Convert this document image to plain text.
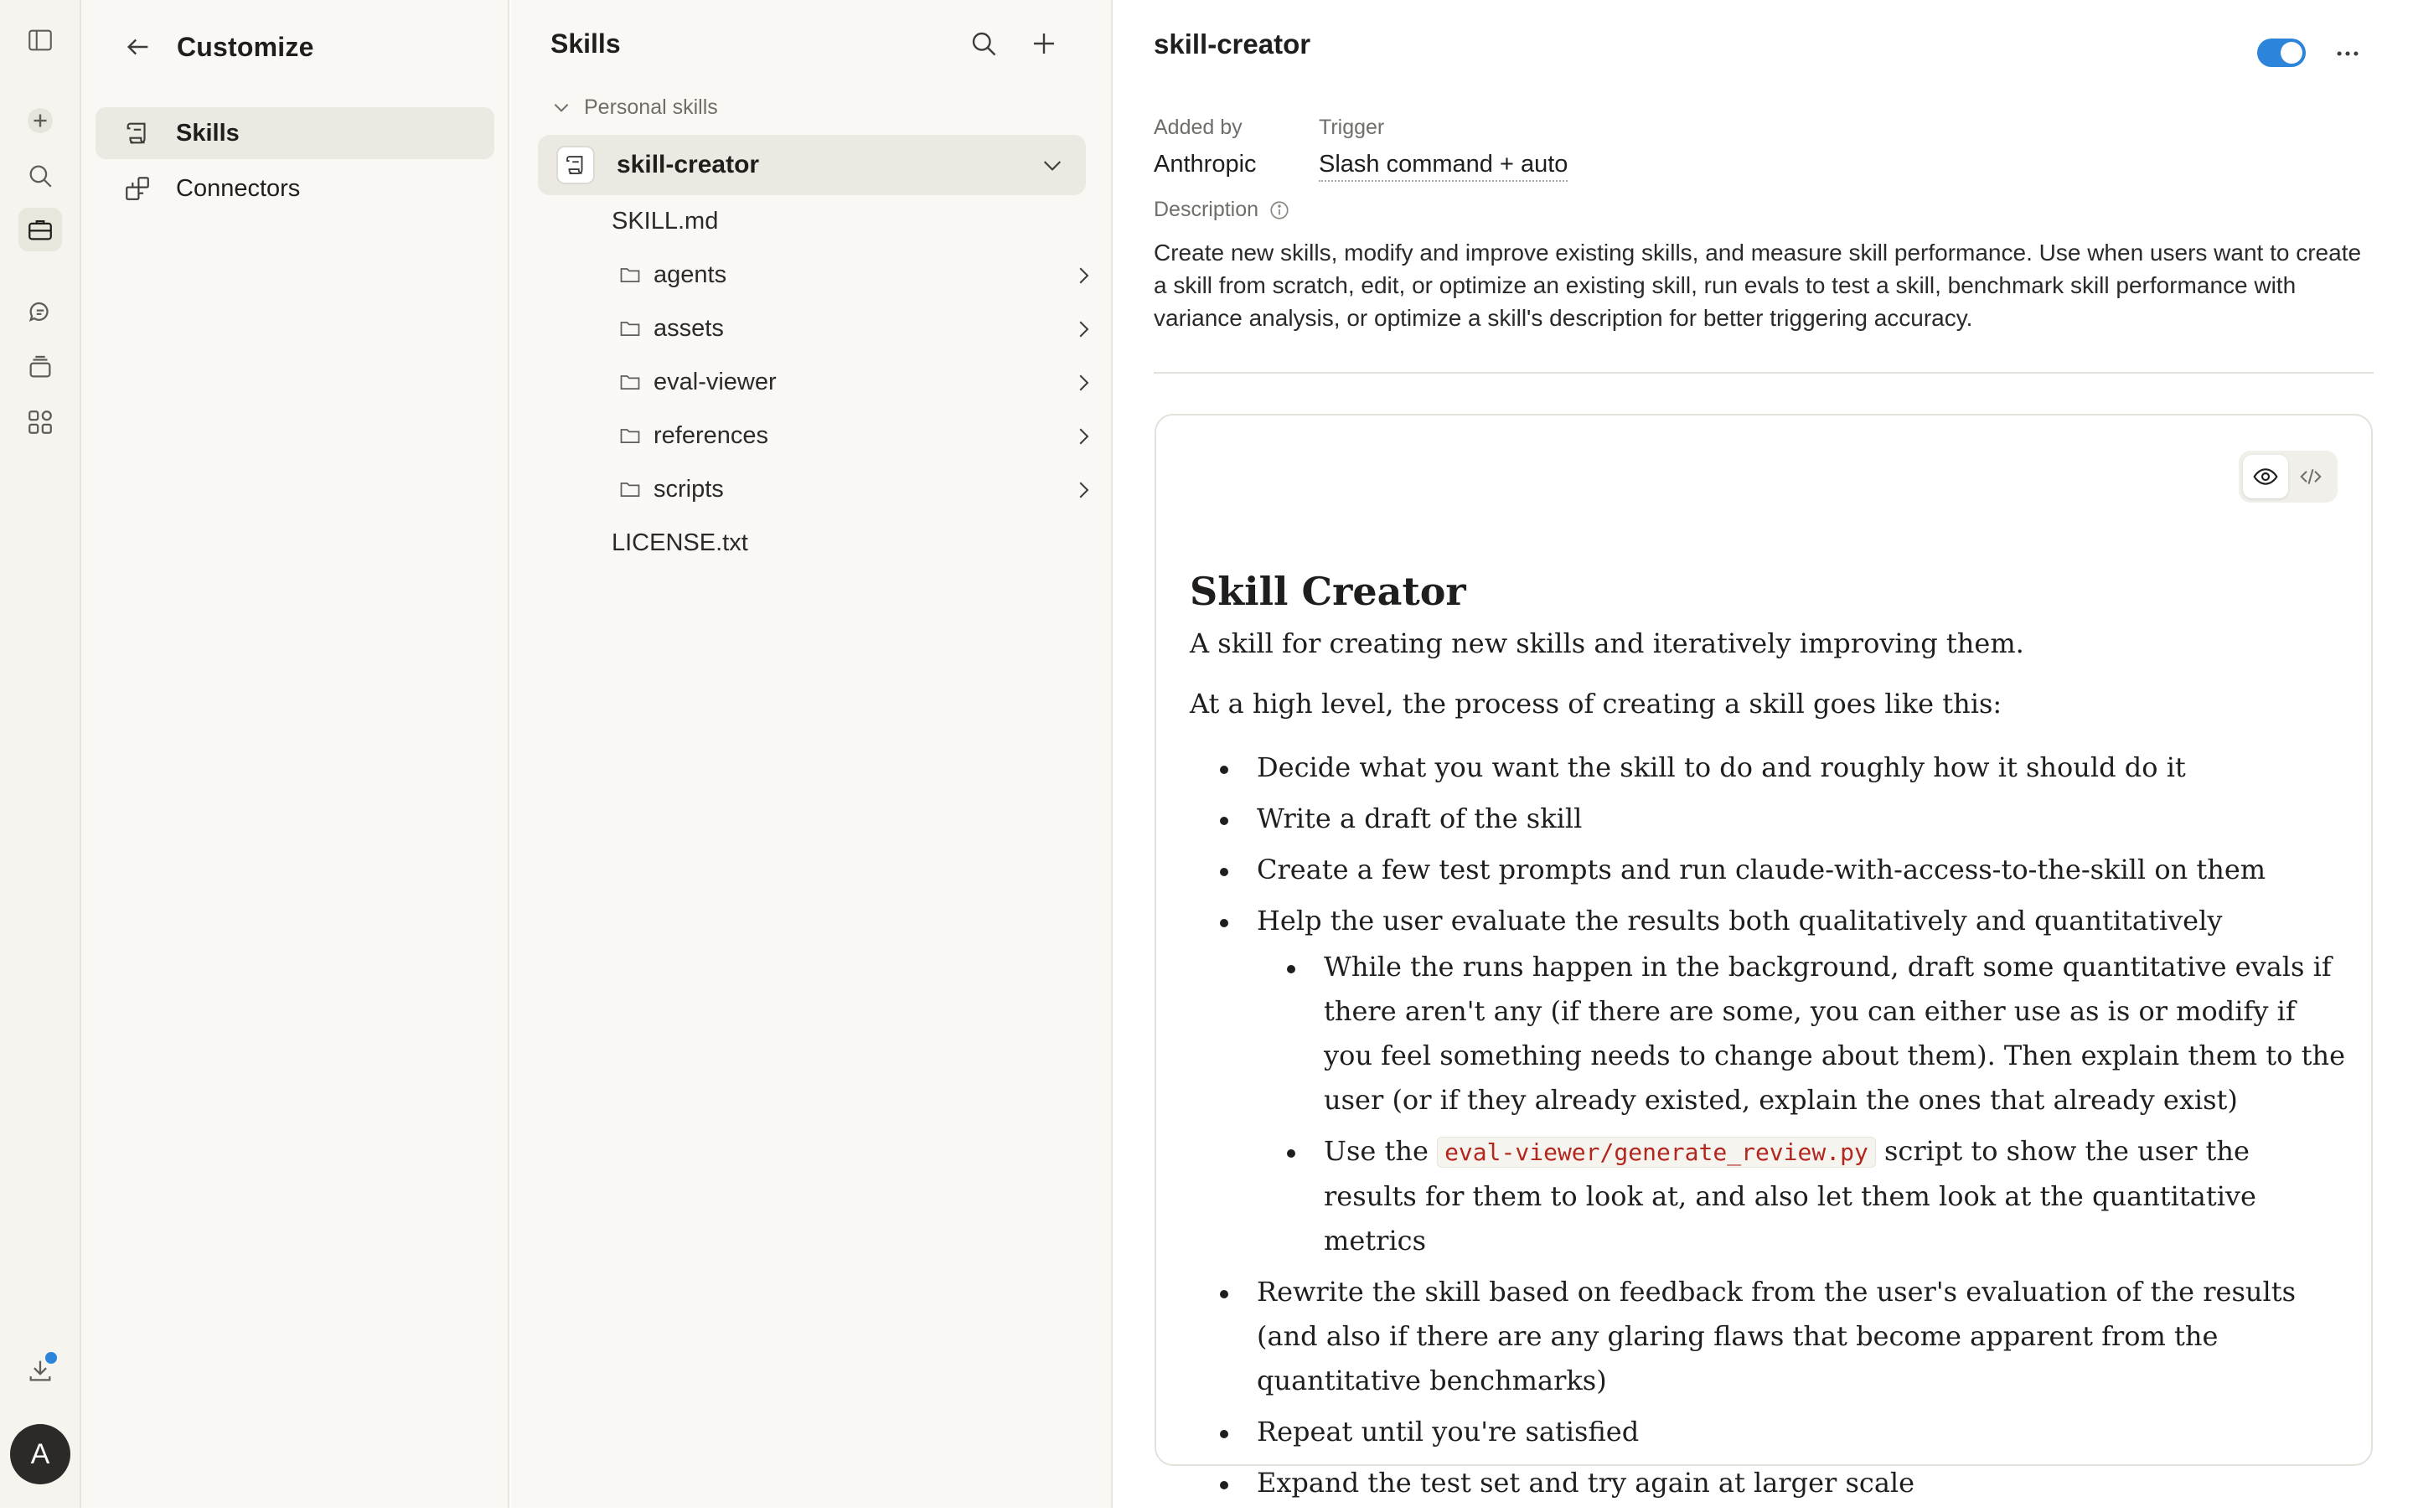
A
Customize
Skills
Connectors
Skills
Personal skills
skill-creator
SKILL.md
agents
assets
eval-viewer
references
scripts
LICENSE.txt
skill-creator
Added by
Anthropic
Trigger
Slash command + auto
Description
Create new skills, modify and improve existing skills, and measure skill performance. Use when users want to create a skill from scratch, edit, or optimize an existing skill, run evals to test a skill, benchmark skill performance with variance analysis, or optimize a skill's description for better triggering accuracy.
Skill Creator

A skill for creating new skills and iteratively improving them.

At a high level, the process of creating a skill goes like this:

Decide what you want the skill to do and roughly how it should do it
Write a draft of the skill
Create a few test prompts and run claude-with-access-to-the-skill on them
Help the user evaluate the results both qualitatively and quantitatively
While the runs happen in the background, draft some quantitative evals if there aren't any (if there are some, you can either use as is or modify if you feel something needs to change about them). Then explain them to the user (or if they already existed, explain the ones that already exist)
Use the eval-viewer/generate_review.py script to show the user the results for them to look at, and also let them look at the quantitative metrics
Rewrite the skill based on feedback from the user's evaluation of the results (and also if there are any glaring flaws that become apparent from the quantitative benchmarks)
Repeat until you're satisfied
Expand the test set and try again at larger scale
